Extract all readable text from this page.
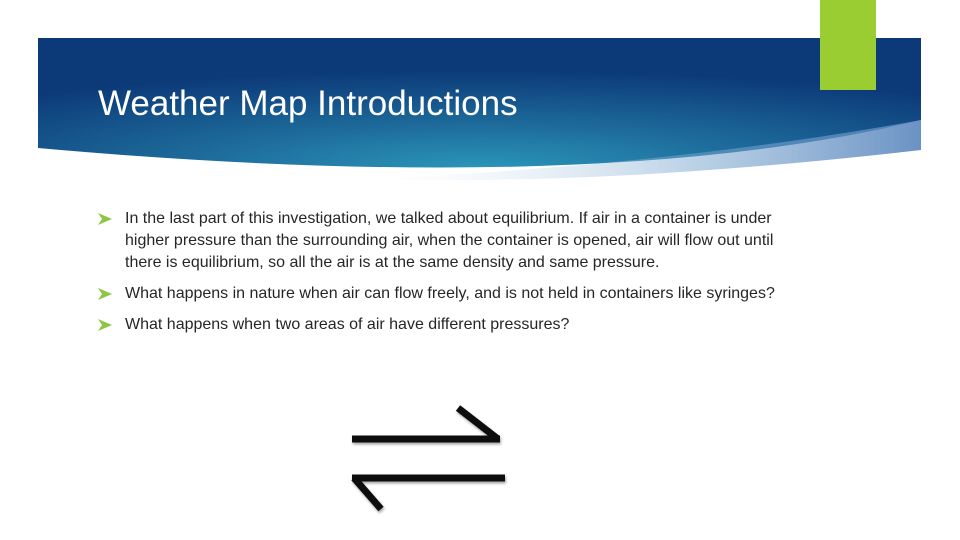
Weather Map Introductions
In the last part of this investigation, we talked about equilibrium. If air in a container is under higher pressure than the surrounding air, when the container is opened, air will flow out until there is equilibrium, so all the air is at the same density and same pressure.
What happens in nature when air can flow freely, and is not held in containers like syringes?
What happens when two areas of air have different pressures?
